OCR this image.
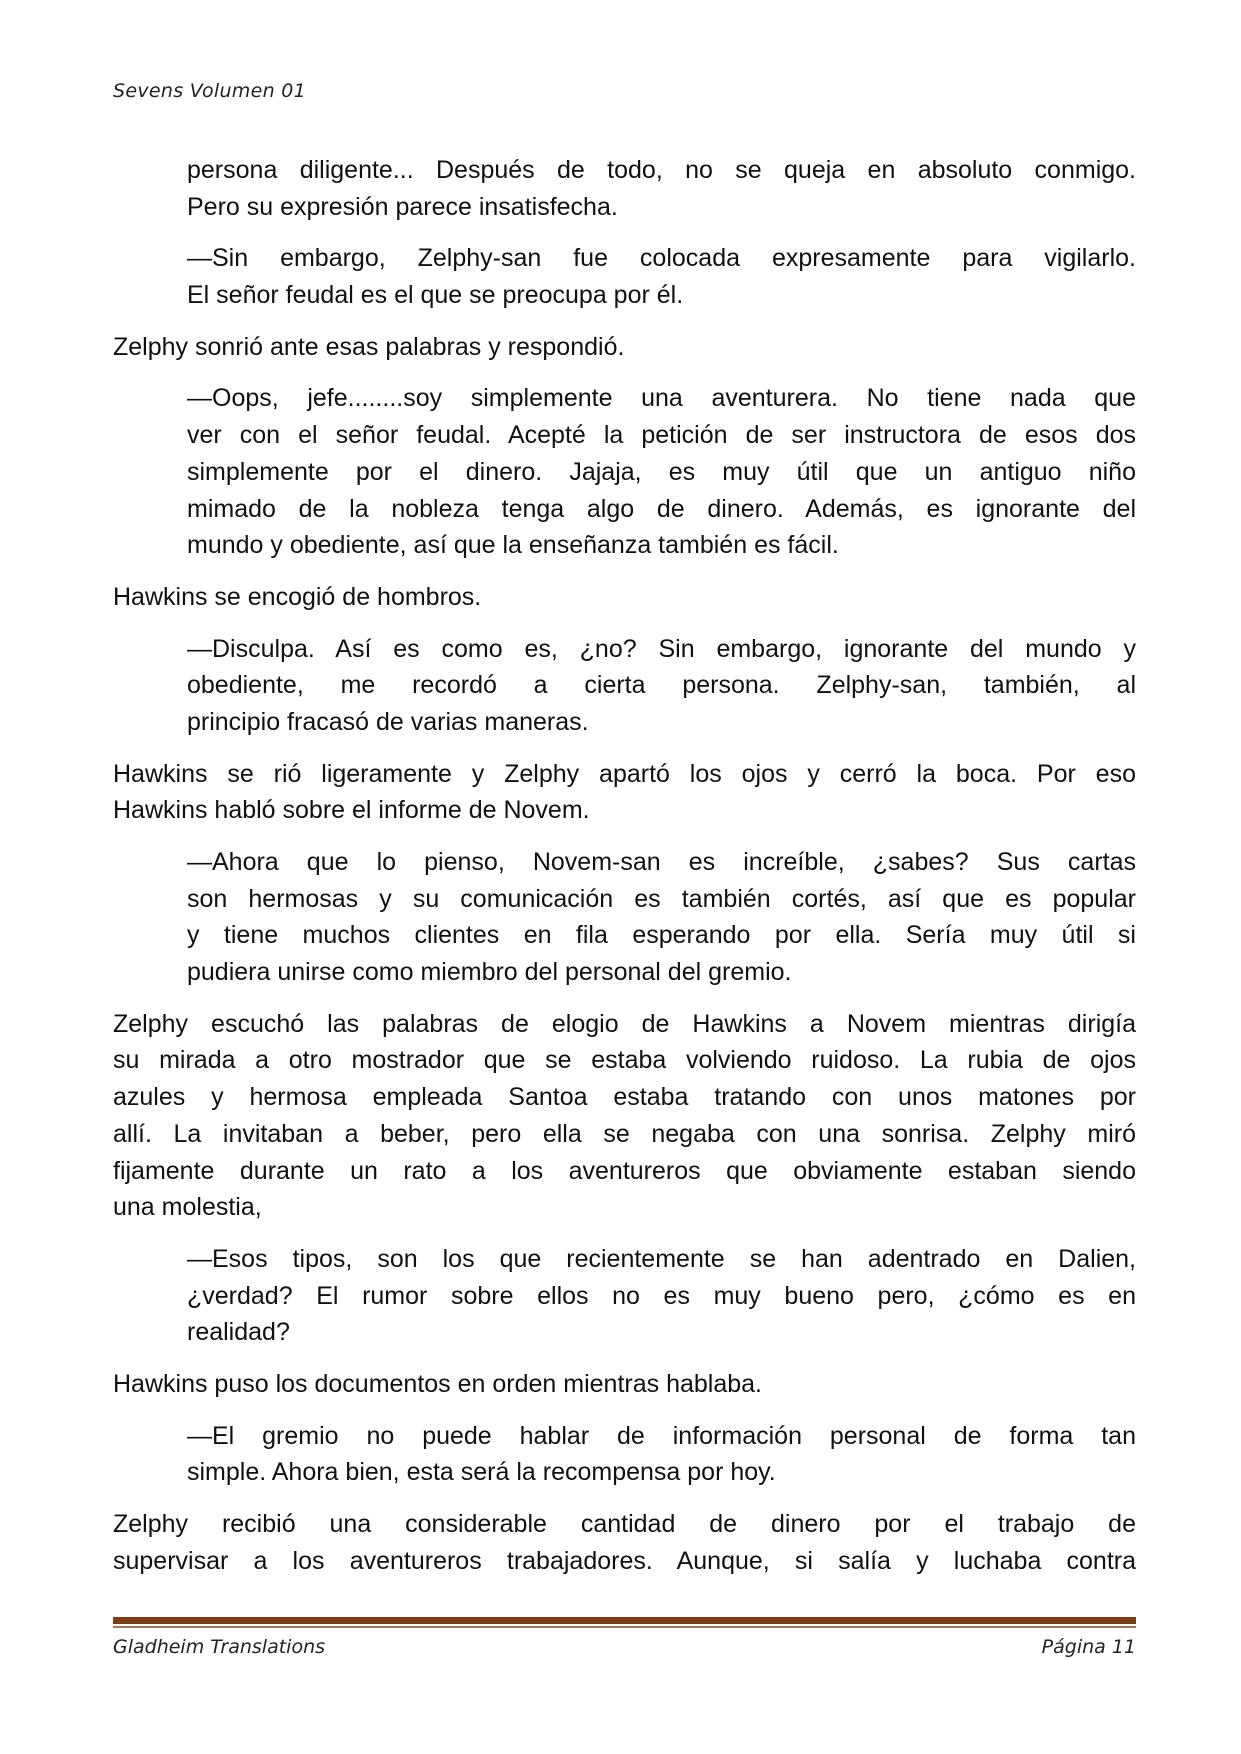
Sevens Volumen 01
persona diligente... Después de todo, no se queja en absoluto conmigo.
Pero su expresión parece insatisfecha.
—Sin embargo, Zelphy-san fue colocada expresamente para vigilarlo.
El señor feudal es el que se preocupa por él.
Zelphy sonrió ante esas palabras y respondió.
—Oops, jefe........soy simplemente una aventurera. No tiene nada que
ver con el señor feudal. Acepté la petición de ser instructora de esos dos
simplemente por el dinero. Jajaja, es muy útil que un antiguo niño
mimado de la nobleza tenga algo de dinero. Además, es ignorante del
mundo y obediente, así que la enseñanza también es fácil.
Hawkins se encogió de hombros.
—Disculpa. Así es como es, ¿no? Sin embargo, ignorante del mundo y
obediente, me recordó a cierta persona. Zelphy-san, también, al
principio fracasó de varias maneras.
Hawkins se rió ligeramente y Zelphy apartó los ojos y cerró la boca. Por eso
Hawkins habló sobre el informe de Novem.
—Ahora que lo pienso, Novem-san es increíble, ¿sabes? Sus cartas
son hermosas y su comunicación es también cortés, así que es popular
y tiene muchos clientes en fila esperando por ella. Sería muy útil si
pudiera unirse como miembro del personal del gremio.
Zelphy escuchó las palabras de elogio de Hawkins a Novem mientras dirigía
su mirada a otro mostrador que se estaba volviendo ruidoso. La rubia de ojos
azules y hermosa empleada Santoa estaba tratando con unos matones por
allí. La invitaban a beber, pero ella se negaba con una sonrisa. Zelphy miró
fijamente durante un rato a los aventureros que obviamente estaban siendo
una molestia,
—Esos tipos, son los que recientemente se han adentrado en Dalien,
¿verdad? El rumor sobre ellos no es muy bueno pero, ¿cómo es en
realidad?
Hawkins puso los documentos en orden mientras hablaba.
—El gremio no puede hablar de información personal de forma tan
simple. Ahora bien, esta será la recompensa por hoy.
Zelphy recibió una considerable cantidad de dinero por el trabajo de
supervisar a los aventureros trabajadores. Aunque, si salía y luchaba contra
Gladheim Translations	Página 11
